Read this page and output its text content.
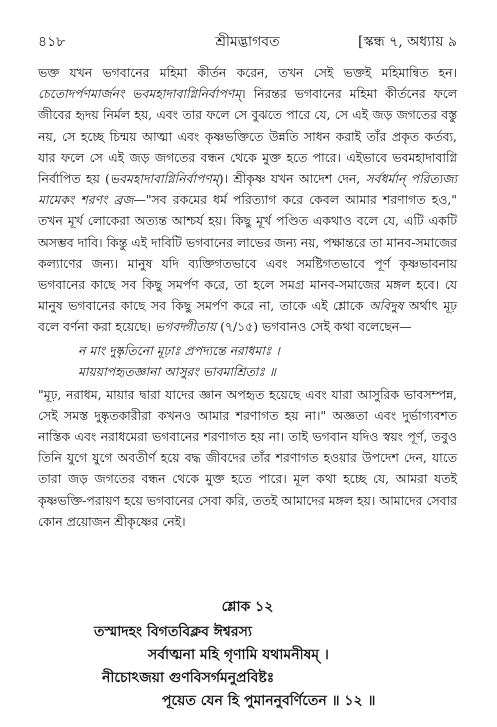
৪১৮	শ্রীমদ্ভাগবত	[স্কন্ধ ৭, অধ্যায় ৯

ভক্ত যখন ভগবানের মহিমা কীর্তন করেন, তখন সেই ভক্তই মহিমান্বিত হন। চেতোদর্পণমার্জনং ভবমহাদাবাগ্নিনির্বাপণম্। নিরন্তর ভগবানের মহিমা কীর্তনের ফলে জীবের হৃদয় নির্মল হয়, এবং তার ফলে সে বুঝতে পারে যে, সে এই জড় জগতের বস্তু নয়, সে হচ্ছে চিন্ময় আত্মা এবং কৃষ্ণভক্তিতে উন্নতি সাধন করাই তাঁর প্রকৃত কর্তব্য, যার ফলে সে এই জড় জগতের বন্ধন থেকে মুক্ত হতে পারে। এইভাবে ভবমহাদাবাগ্নি নির্বাপিত হয় (ভবমহাদাবাগ্নিনির্বাপণম্)। শ্রীকৃষ্ণ যখন আদেশ দেন, সর্বধর্মান্ পরিত্যজ্য মামেকং শরণং ব্রজ—"সব রকমের ধর্ম পরিত্যাগ করে কেবল আমার শরণাগত হও," তখন মূর্খ লোকেরা অত্যন্ত আশ্চর্য হয়। কিছু মূর্খ পণ্ডিত একথাও বলে যে, এটি একটি অসম্ভব দাবি। কিন্তু এই দাবিটি ভগবানের লাভের জন্য নয়, পক্ষান্তরে তা মানব-সমাজের কল্যাণের জন্য। মানুষ যদি ব্যক্তিগতভাবে এবং সমষ্টিগতভাবে পূর্ণ কৃষ্ণভাবনায় ভগবানের কাছে সব কিছু সমর্পণ করে, তা হলে সমগ্র মানব-সমাজের মঙ্গল হবে। যে মানুষ ভগবানের কাছে সব কিছু সমর্পণ করে না, তাকে এই শ্লোকে অবিদুষ অর্থাৎ মূঢ় বলে বর্ণনা করা হয়েছে। ভগবদ্গীতায় (৭/১৫) ভগবানও সেই কথা বলেছেন—

ন মাং দুষ্কৃতিনো মূঢ়াঃ প্রপদ্যন্তে নরাধমাঃ ।
মায়য়াপহৃতজ্ঞানা আসুরং ভাবমাশ্রিতাঃ ॥

"মূঢ়, নরাধম, মায়ার দ্বারা যাদের জ্ঞান অপহৃত হয়েছে এবং যারা আসুরিক ভাবসম্পন্ন, সেই সমস্ত দুষ্কৃতকারীরা কখনও আমার শরণাগত হয় না।" অজ্ঞতা এবং দুর্ভাগ্যবশত নাস্তিক এবং নরাধমেরা ভগবানের শরণাগত হয় না। তাই ভগবান যদিও স্বয়ং পূর্ণ, তবুও তিনি যুগে যুগে অবতীর্ণ হয়ে বদ্ধ জীবদের তাঁর শরণাগত হওয়ার উপদেশ দেন, যাতে তারা জড় জগতের বন্ধন থেকে মুক্ত হতে পারে। মূল কথা হচ্ছে যে, আমরা যতই কৃষ্ণভক্তি-পরায়ণ হয়ে ভগবানের সেবা করি, ততই আমাদের মঙ্গল হয়। আমাদের সেবার কোন প্রয়োজন শ্রীকৃষ্ণের নেই।

শ্লোক ১২
তস্মাদহং বিগতবিক্লব ঈশ্বরস্য
সর্বাত্মনা মহি গৃণামি যথামনীষম্ ।
নীচোঽজয়া গুণবিসর্গমনুপ্রবিষ্টঃ
পূয়েত যেন হি পুমাননুবর্ণিতেন ॥ ১২ ॥
